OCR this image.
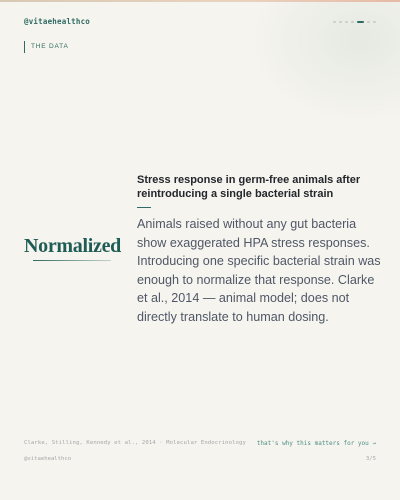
@vitaehealthco
THE DATA
Normalized
Stress response in germ-free animals after reintroducing a single bacterial strain
Animals raised without any gut bacteria show exaggerated HPA stress responses. Introducing one specific bacterial strain was enough to normalize that response. Clarke et al., 2014 — animal model; does not directly translate to human dosing.
Clarke, Stilling, Kennedy et al., 2014 · Molecular Endocrinology that's why this matters for you →
@vitaehealthco	3/5
